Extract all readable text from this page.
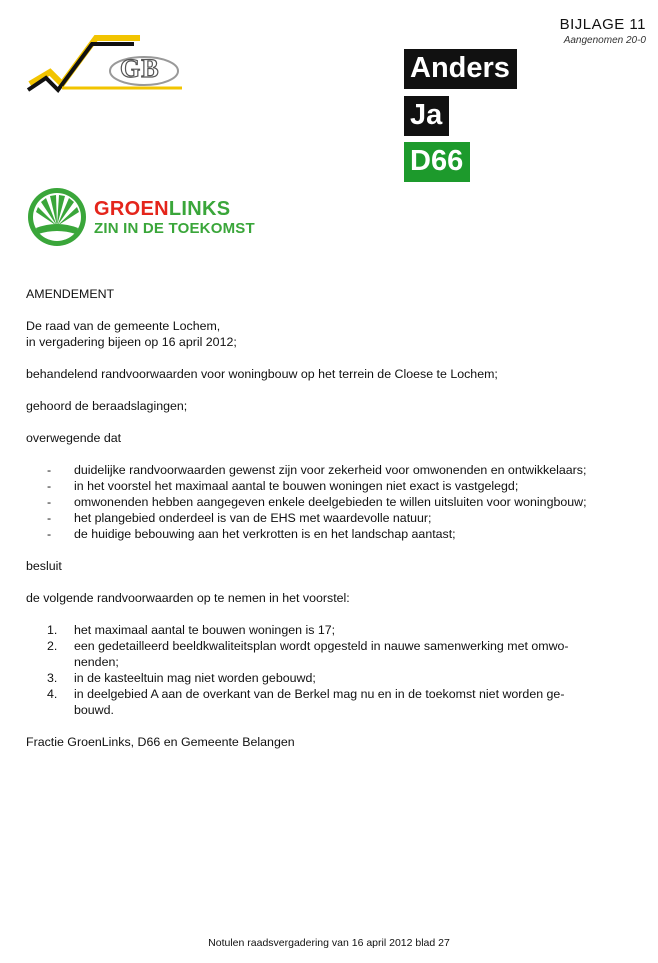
BIJLAGE 11
Aangenomen 20-0
GB	Anders
Ja
D66
GROENLINKS
ZIN IN DE TOEKOMST

AMENDEMENT

De raad van de gemeente Lochem,

in vergadering bijeen op 16 april 2012;

behandelend randvoorwaarden voor woningbouw op het terrein de Cloese te Lochem;

gehoord de beraadslagingen;

overwegende dat

- duidelijke randvoorwaarden gewenst zijn voor zekerheid voor omwonenden en ontwikkelaars;
- in het voorstel het maximaal aantal te bouwen woningen niet exact is vastgelegd;
- omwonenden hebben aangegeven enkele deelgebieden te willen uitsluiten voor woningbouw;
- het plangebied onderdeel is van de EHS met waardevolle natuur;
- de huidige bebouwing aan het verkrotten is en het landschap aantast;

besluit

de volgende randvoorwaarden op te nemen in het voorstel:

1. het maximaal aantal te bouwen woningen is 17;
2. een gedetailleerd beeldkwaliteitsplan wordt opgesteld in nauwe samenwerking met omwo-
nenden;
3. in de kasteeltuin mag niet worden gebouwd;
4. in deelgebied A aan de overkant van de Berkel mag nu en in de toekomst niet worden ge-
bouwd.

Fractie GroenLinks, D66 en Gemeente Belangen

Notulen raadsvergadering van 16 april 2012 blad 27
